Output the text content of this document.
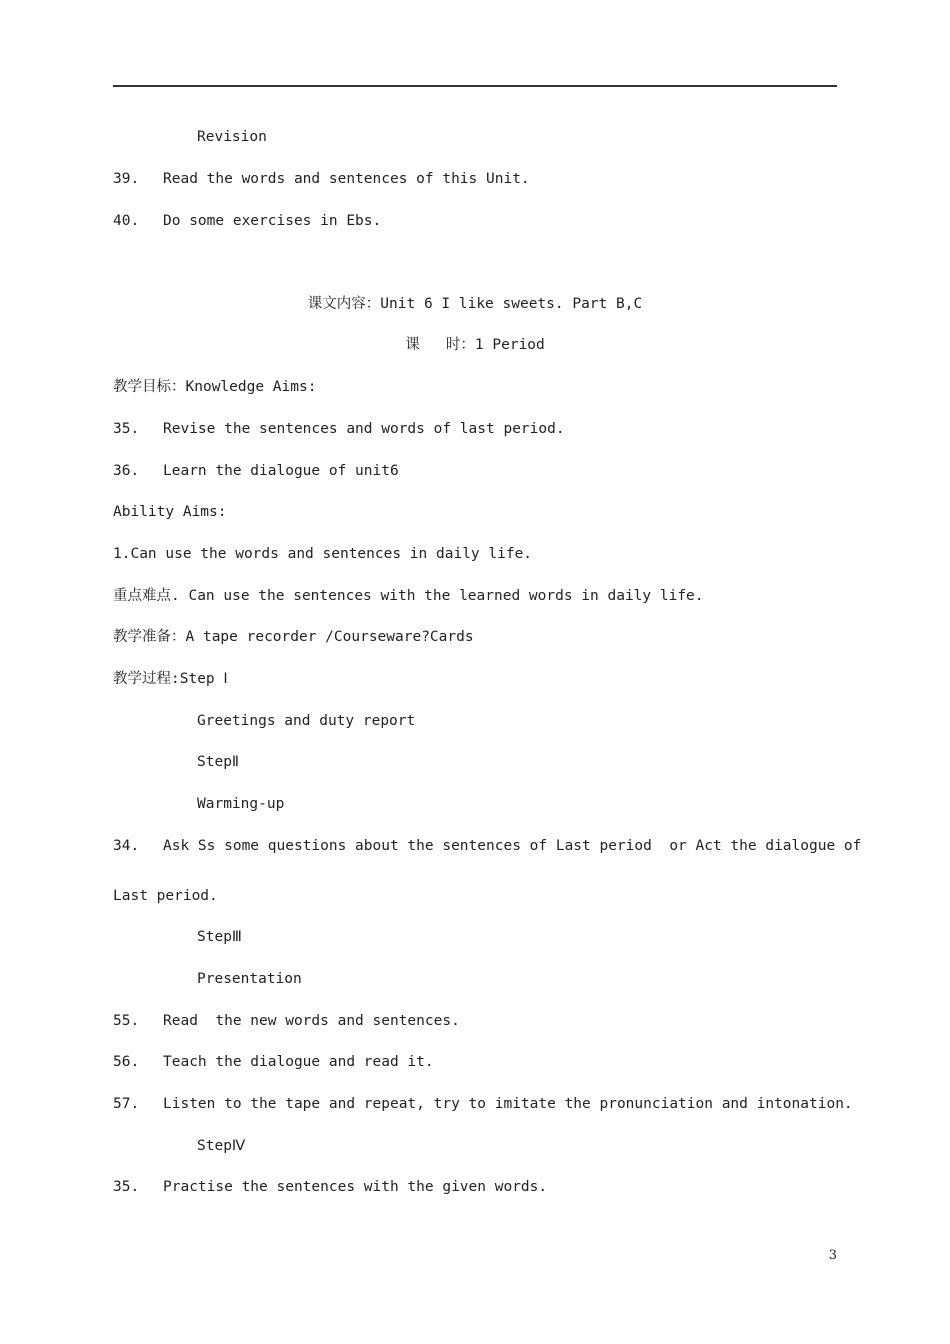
Revision
39. Read the words and sentences of this Unit.
40. Do some exercises in Ebs.
课文内容：Unit 6 I like sweets. Part B,C
课   时：1 Period
教学目标：Knowledge Aims:
35. Revise the sentences and words of last period.
36. Learn the dialogue of unit6
Ability Aims:
1.Can use the words and sentences in daily life.
重点难点. Can use the sentences with the learned words in daily life.
教学准备：A tape recorder /Courseware?Cards
教学过程:Step Ⅰ
Greetings and duty report
StepⅡ
Warming-up
34. Ask Ss some questions about the sentences of Last period  or Act the dialogue of
Last period.
StepⅢ
Presentation
55. Read  the new words and sentences.
56. Teach the dialogue and read it.
57. Listen to the tape and repeat, try to imitate the pronunciation and intonation.
StepⅣ
35. Practise the sentences with the given words.
3
